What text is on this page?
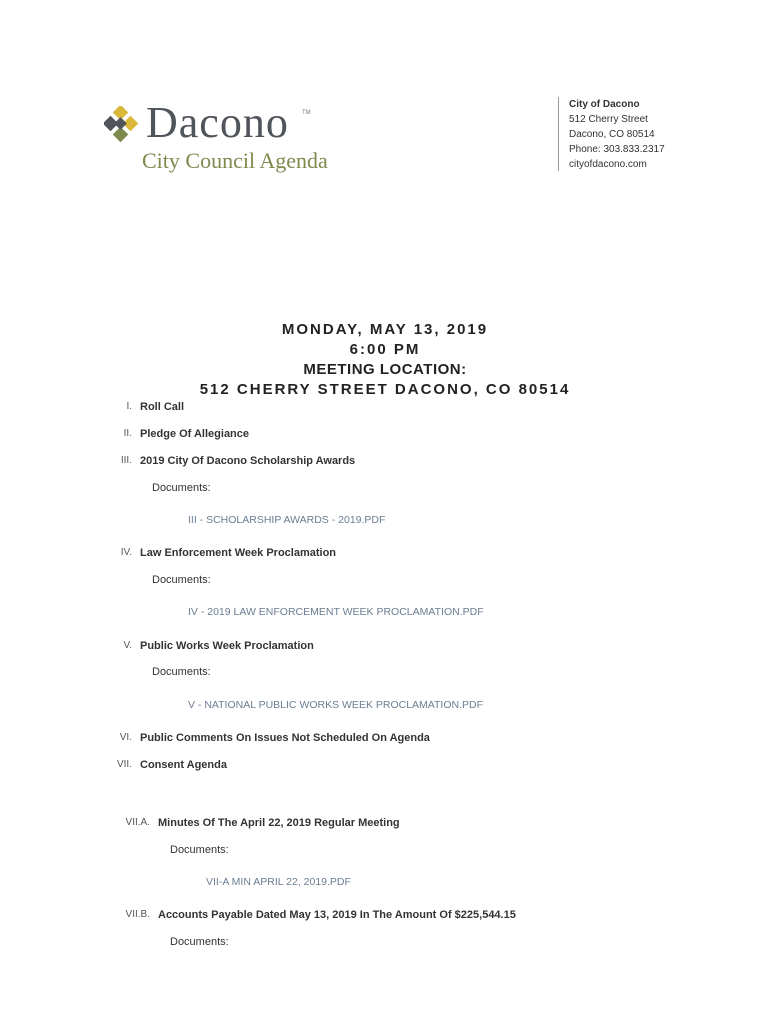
Dacono TM
City Council Agenda
City of Dacono
512 Cherry Street
Dacono, CO 80514
Phone: 303.833.2317
cityofdacono.com
MONDAY, MAY 13, 2019
6:00 PM
MEETING LOCATION:
512 CHERRY STREET DACONO, CO 80514
I. Roll Call
II. Pledge Of Allegiance
III. 2019 City Of Dacono Scholarship Awards
Documents:
III - SCHOLARSHIP AWARDS - 2019.PDF
IV. Law Enforcement Week Proclamation
Documents:
IV - 2019 LAW ENFORCEMENT WEEK PROCLAMATION.PDF
V. Public Works Week Proclamation
Documents:
V - NATIONAL PUBLIC WORKS WEEK PROCLAMATION.PDF
VI. Public Comments On Issues Not Scheduled On Agenda
VII. Consent Agenda
VII.A. Minutes Of The April 22, 2019 Regular Meeting
Documents:
VII-A MIN APRIL 22, 2019.PDF
VII.B. Accounts Payable Dated May 13, 2019 In The Amount Of $225,544.15
Documents:
